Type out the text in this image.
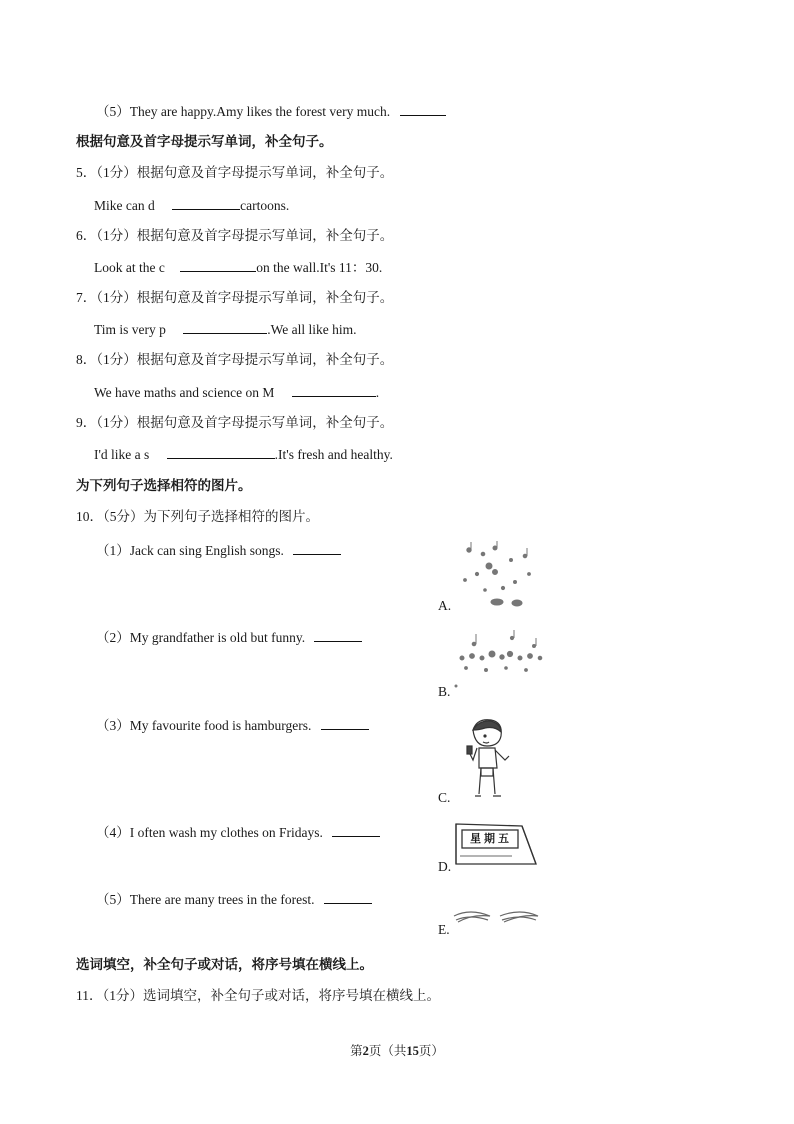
（5）They are happy.Amy likes the forest very much.
根据句意及首字母提示写单词，补全句子。
5．（1分）根据句意及首字母提示写单词，补全句子。
Mike can d	cartoons.
6．（1分）根据句意及首字母提示写单词，补全句子。
Look at the c	on the wall.It's 11：30.
7．（1分）根据句意及首字母提示写单词，补全句子。
Tim is very p	.We all like him.
8．（1分）根据句意及首字母提示写单词，补全句子。
We have maths and science on M	.
9．（1分）根据句意及首字母提示写单词，补全句子。
I'd like a s	.It's fresh and healthy.
为下列句子选择相符的图片。
10．（5分）为下列句子选择相符的图片。
（1）Jack can sing English songs.
（2）My grandfather is old but funny.
（3）My favourite food is hamburgers.
（4）I often wash my clothes on Fridays.
（5）There are many trees in the forest.
A.
B.
C.
星期五
D.
E.
选词填空，补全句子或对话，将序号填在横线上。
11．（1分）选词填空，补全句子或对话，将序号填在横线上。
第2页（共15页）
